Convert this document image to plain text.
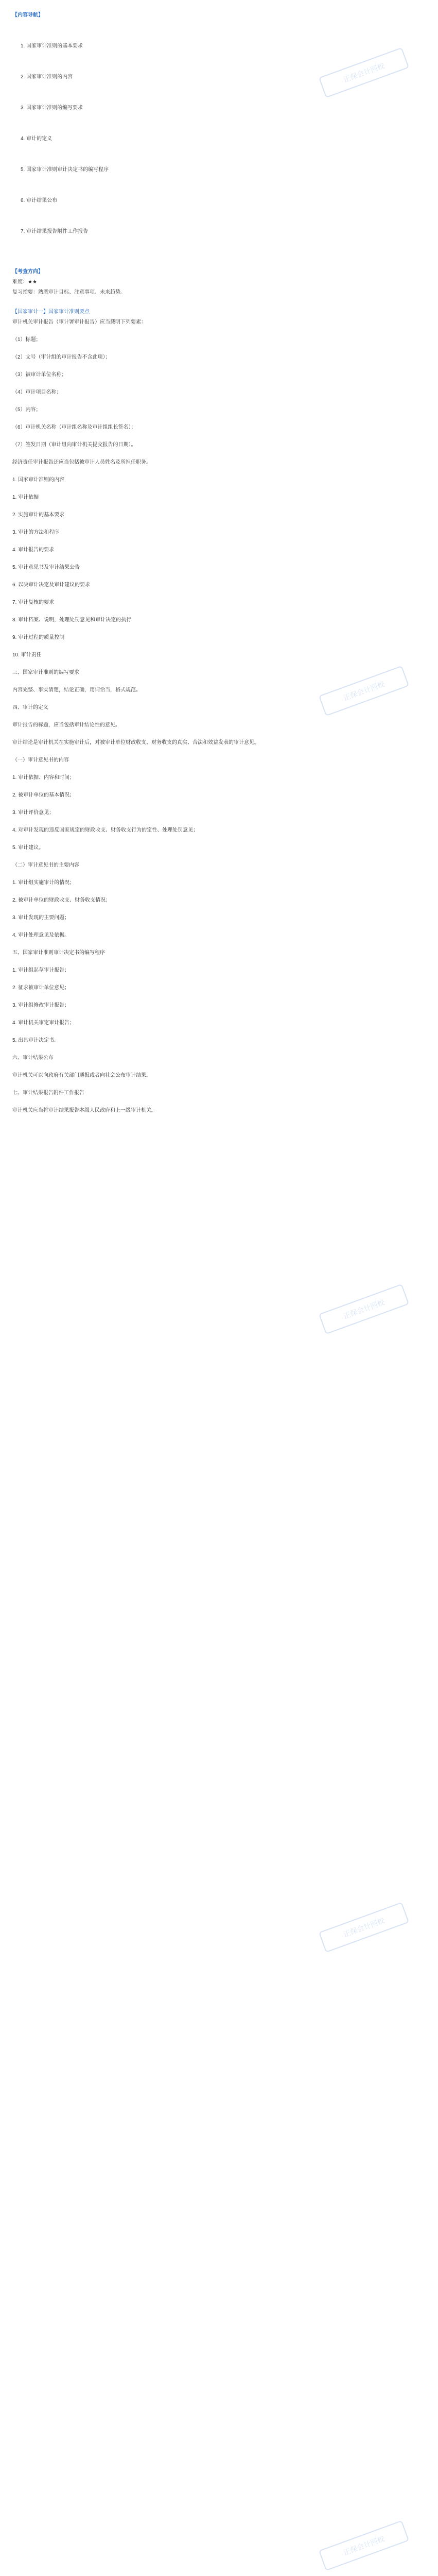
正保会计网校
正保会计网校
正保会计网校
正保会计网校
正保会计网校
【内容导航】

1. 国家审计准则的基本要求

2. 国家审计准则的内容

3. 国家审计准则的编写要求

4. 审计的定义

5. 国家审计准则审计决定书的编写程序

6. 审计结果公布

7. 审计结果报告附件工作报告

【考查方向】
难度：★★
复习指要：熟悉审计目标、注意事项、未来趋势。
【国家审计一】国家审计准则要点
审计机关审计报告（审计署审计报告）应当载明下列要素：
（1）标题；
（2）文号（审计组的审计报告不含此项）；
（3）被审计单位名称；
（4）审计项目名称；
（5）内容；
（6）审计机关名称（审计组名称及审计组组长签名）；
（7）签发日期（审计组向审计机关提交报告的日期）。
经济责任审计报告还应当包括被审计人员姓名及所担任职务。
1. 国家审计准则的内容
1. 审计依据
2. 实施审计的基本要求
3. 审计的方法和程序
4. 审计报告的要求
5. 审计意见书及审计结果公告
6. 以决审计决定及审计建议的要求
7. 审计复核的要求
8. 审计档案、说明，处理处罚意见和审计决定的执行
9. 审计过程的质量控制
10. 审计责任
三、国家审计准则的编写要求
内容完整、事实清楚，结论正确，用词恰当，格式规范。
四、审计的定义
审计报告的标题，应当包括审计结论性的意见。
审计结论是审计机关在实施审计后，对被审计单位财政收支、财务收支的真实、合法和效益发表的审计意见。
（一）审计意见书的内容
1. 审计依据、内容和时间；
2. 被审计单位的基本情况；
3. 审计评价意见；
4. 对审计发现的违反国家规定的财政收支、财务收支行为的定性、处理处罚意见；
5. 审计建议。
（二）审计意见书的主要内容
1. 审计组实施审计的情况；
2. 被审计单位的财政收支、财务收支情况；
3. 审计发现的主要问题；
4. 审计处理意见及依据。
五、国家审计准则审计决定书的编写程序
1. 审计组起草审计报告；
2. 征求被审计单位意见；
3. 审计组修改审计报告；
4. 审计机关审定审计报告；
5. 出具审计决定书。
六、审计结果公布
审计机关可以向政府有关部门通报或者向社会公布审计结果。
七、审计结果报告附件工作报告
审计机关应当将审计结果报告本级人民政府和上一级审计机关。
